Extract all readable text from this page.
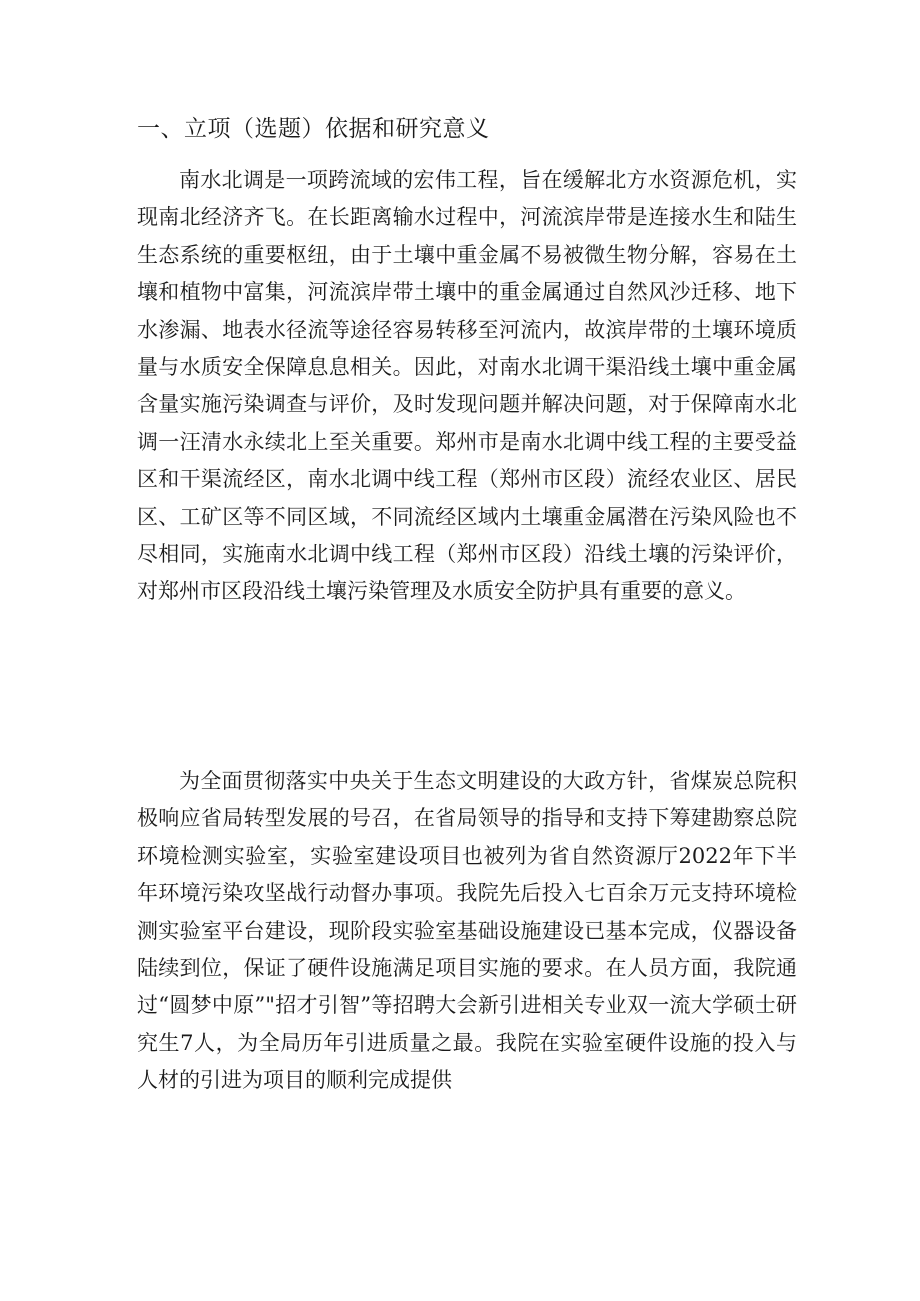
一、立项（选题）依据和研究意义

南水北调是一项跨流域的宏伟工程，旨在缓解北方水资源危机，实现南北经济齐飞。在长距离输水过程中，河流滨岸带是连接水生和陆生生态系统的重要枢纽，由于土壤中重金属不易被微生物分解，容易在土壤和植物中富集，河流滨岸带土壤中的重金属通过自然风沙迁移、地下水渗漏、地表水径流等途径容易转移至河流内，故滨岸带的土壤环境质量与水质安全保障息息相关。因此，对南水北调干渠沿线土壤中重金属含量实施污染调查与评价，及时发现问题并解决问题，对于保障南水北调一汪清水永续北上至关重要。郑州市是南水北调中线工程的主要受益区和干渠流经区，南水北调中线工程（郑州市区段）流经农业区、居民区、工矿区等不同区域，不同流经区域内土壤重金属潜在污染风险也不尽相同，实施南水北调中线工程（郑州市区段）沿线土壤的污染评价，对郑州市区段沿线土壤污染管理及水质安全防护具有重要的意义。

为全面贯彻落实中央关于生态文明建设的大政方针，省煤炭总院积极响应省局转型发展的号召，在省局领导的指导和支持下筹建勘察总院环境检测实验室，实验室建设项目也被列为省自然资源厅2022年下半年环境污染攻坚战行动督办事项。我院先后投入七百余万元支持环境检测实验室平台建设，现阶段实验室基础设施建设已基本完成，仪器设备陆续到位，保证了硬件设施满足项目实施的要求。在人员方面，我院通过“圆梦中原”"招才引智”等招聘大会新引进相关专业双一流大学硕士研究生7人，为全局历年引进质量之最。我院在实验室硬件设施的投入与人材的引进为项目的顺利完成提供
